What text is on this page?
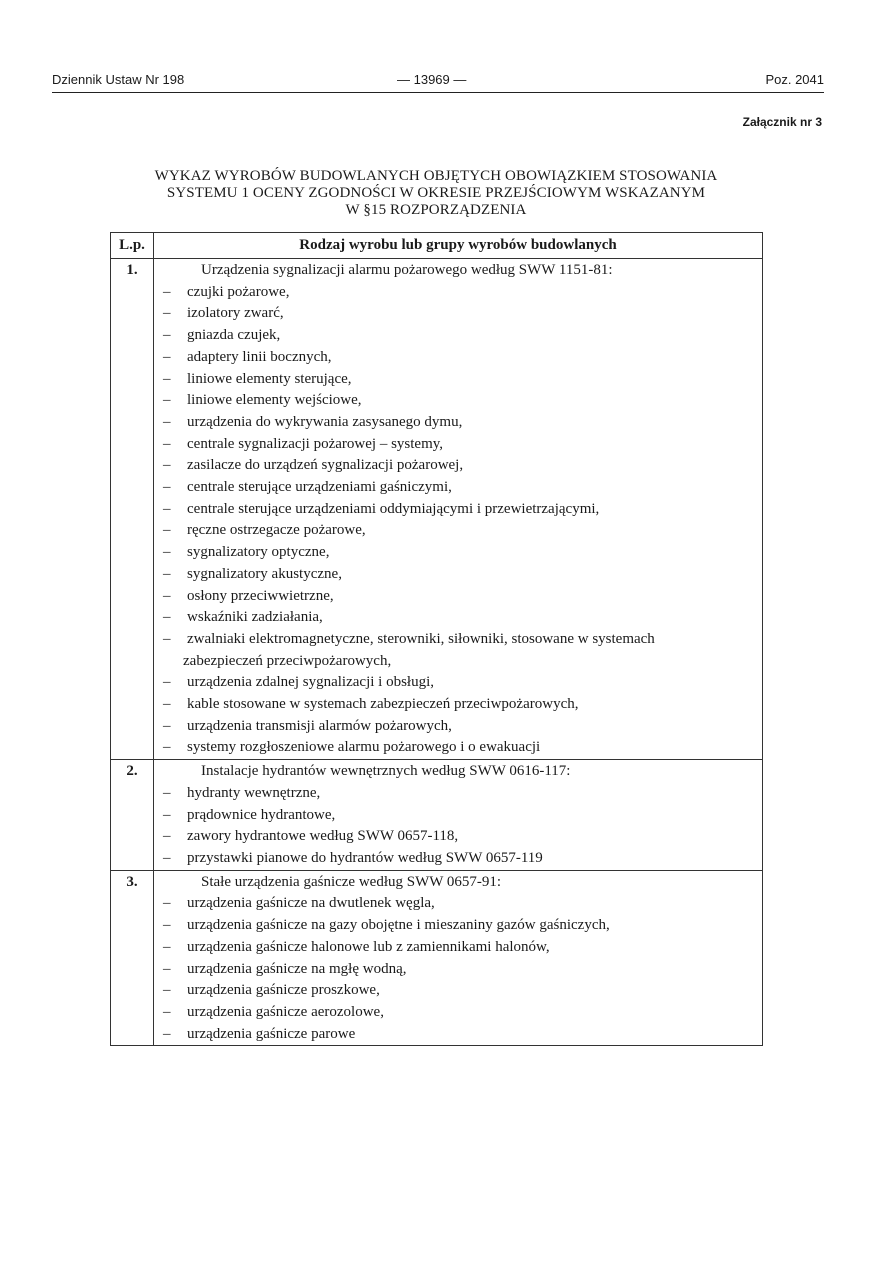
Dziennik Ustaw Nr 198	— 13969 —	Poz. 2041
Załącznik nr 3
WYKAZ WYROBÓW BUDOWLANYCH OBJĘTYCH OBOWIĄZKIEM STOSOWANIA
SYSTEMU 1 OCENY ZGODNOŚCI W OKRESIE PRZEJŚCIOWYM WSKAZANYM
W §15 ROZPORZĄDZENIA
L.p.	Rodzaj wyrobu lub grupy wyrobów budowlanych
1.	Urządzenia sygnalizacji alarmu pożarowego według SWW 1151-81:
– czujki pożarowe,
– izolatory zwarć,
– gniazda czujek,
– adaptery linii bocznych,
– liniowe elementy sterujące,
– liniowe elementy wejściowe,
– urządzenia do wykrywania zasysanego dymu,
– centrale sygnalizacji pożarowej – systemy,
– zasilacze do urządzeń sygnalizacji pożarowej,
– centrale sterujące urządzeniami gaśniczymi,
– centrale sterujące urządzeniami oddymiającymi i przewietrzającymi,
– ręczne ostrzegacze pożarowe,
– sygnalizatory optyczne,
– sygnalizatory akustyczne,
– osłony przeciwwietrzne,
– wskaźniki zadziałania,
– zwalniaki elektromagnetyczne, sterowniki, siłowniki, stosowane w systemach
zabezpieczeń przeciwpożarowych,
– urządzenia zdalnej sygnalizacji i obsługi,
– kable stosowane w systemach zabezpieczeń przeciwpożarowych,
– urządzenia transmisji alarmów pożarowych,
– systemy rozgłoszeniowe alarmu pożarowego i o ewakuacji
2.	Instalacje hydrantów wewnętrznych według SWW 0616-117:
– hydranty wewnętrzne,
– prądownice hydrantowe,
– zawory hydrantowe według SWW 0657-118,
– przystawki pianowe do hydrantów według SWW 0657-119
3.	Stałe urządzenia gaśnicze według SWW 0657-91:
– urządzenia gaśnicze na dwutlenek węgla,
– urządzenia gaśnicze na gazy obojętne i mieszaniny gazów gaśniczych,
– urządzenia gaśnicze halonowe lub z zamiennikami halonów,
– urządzenia gaśnicze na mgłę wodną,
– urządzenia gaśnicze proszkowe,
– urządzenia gaśnicze aerozolowe,
– urządzenia gaśnicze parowe
